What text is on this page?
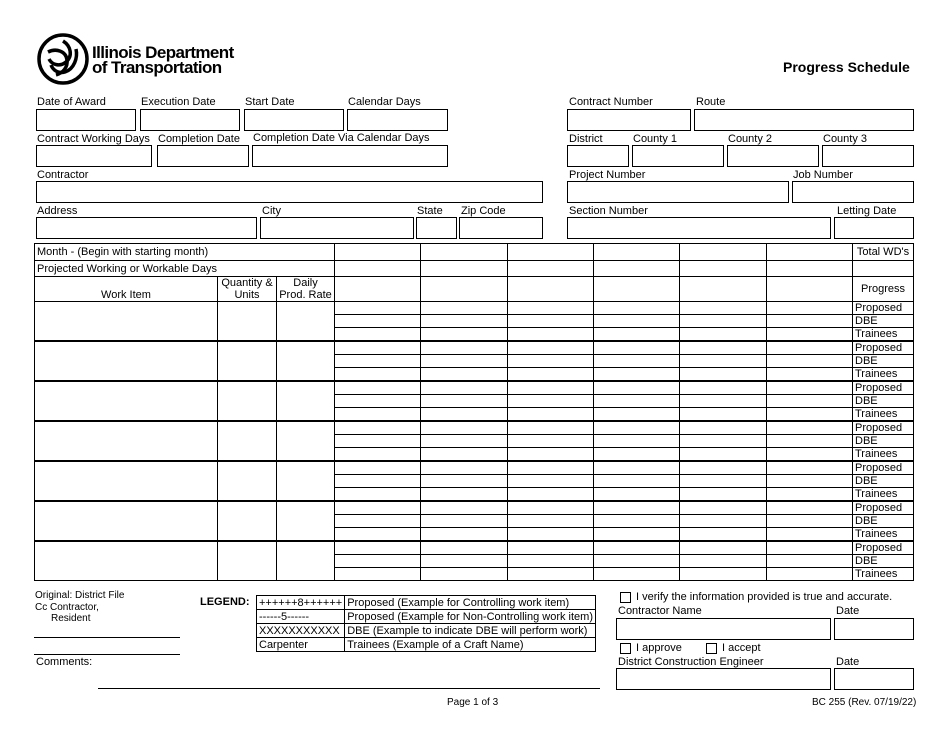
Illinois Department
of Transportation	Progress Schedule
Date of Award	Execution Date	Start Date	Calendar Days
Contract Working Days Completion Date Completion Date Via Calendar Days
Contractor
Address	City	State Zip Code
Contract Number	Route
District	County 1	County 2	County 3
Project Number	Job Number
Section Number	Letting Date
Month - (Begin with starting month)									Total WD's
Projected Working or Workable Days									
Work Item	Quantity & Units	Daily Prod. Rate							Progress
									Proposed
									DBE
									Trainees
									Proposed
									DBE
									Trainees
									Proposed
									DBE
									Trainees
									Proposed
									DBE
									Trainees
									Proposed
									DBE
									Trainees
									Proposed
									DBE
									Trainees
									Proposed
									DBE
									Trainees
Original: District File
Cc Contractor,
Resident
Comments:
LEGEND: ++++++8++++++	Proposed (Example for Controlling work item)
------5------	Proposed (Example for Non-Controlling work item)
XXXXXXXXXXX	DBE (Example to indicate DBE will perform work)
Carpenter	Trainees (Example of a Craft Name)
I verify the information provided is true and accurate.
Contractor Name	Date
I approve	I accept
District Construction Engineer	Date
Page 1 of 3	BC 255 (Rev. 07/19/22)
